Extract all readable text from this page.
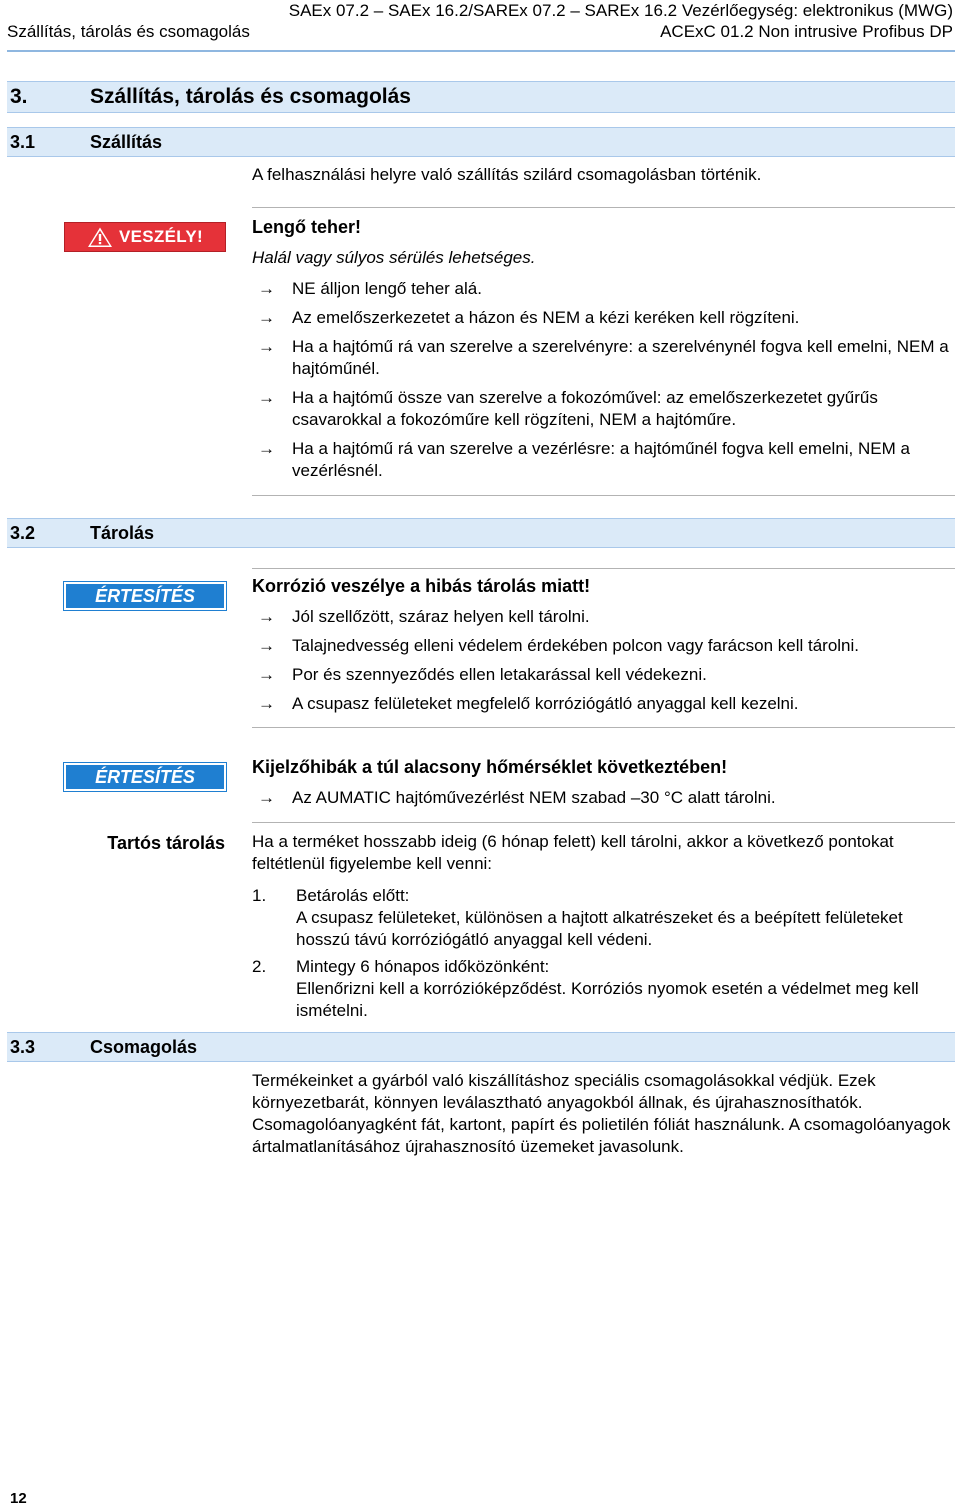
SAEx 07.2 – SAEx 16.2/SAREx 07.2 – SAREx 16.2 Vezérlőegység: elektronikus (MWG)
Szállítás, tárolás és csomagolás	ACExC 01.2 Non intrusive Profibus DP
3.	Szállítás, tárolás és csomagolás
3.1	Szállítás
A felhasználási helyre való szállítás szilárd csomagolásban történik.
VESZÉLY!	Lengő teher!
Halál vagy súlyos sérülés lehetséges.
→ NE álljon lengő teher alá.
→ Az emelőszerkezetet a házon és NEM a kézi keréken kell rögzíteni.
→ Ha a hajtómű rá van szerelve a szerelvényre: a szerelvénynél fogva kell emelni, NEM a hajtóműnél.
→ Ha a hajtómű össze van szerelve a fokozóművel: az emelőszerkezetet gyűrűs csavarokkal a fokozóműre kell rögzíteni, NEM a hajtóműre.
→ Ha a hajtómű rá van szerelve a vezérlésre: a hajtóműnél fogva kell emelni, NEM a vezérlésnél.
3.2	Tárolás
ÉRTESÍTÉS	Korrózió veszélye a hibás tárolás miatt!
→ Jól szellőzött, száraz helyen kell tárolni.
→ Talajnedvesség elleni védelem érdekében polcon vagy farácson kell tárolni.
→ Por és szennyeződés ellen letakarással kell védekezni.
→ A csupasz felületeket megfelelő korróziógátló anyaggal kell kezelni.
ÉRTESÍTÉS	Kijelzőhibák a túl alacsony hőmérséklet következtében!
→ Az AUMATIC hajtóművezérlést NEM szabad –30 °C alatt tárolni.
Tartós tárolás Ha a terméket hosszabb ideig (6 hónap felett) kell tárolni, akkor a következő pontokat feltétlenül figyelembe kell venni:
1. Betárolás előtt:
A csupasz felületeket, különösen a hajtott alkatrészeket és a beépített felületeket hosszú távú korróziógátló anyaggal kell védeni.
2. Mintegy 6 hónapos időközönként:
Ellenőrizni kell a korrózióképződést. Korróziós nyomok esetén a védelmet meg kell ismételni.
3.3	Csomagolás
Termékeinket a gyárból való kiszállításhoz speciális csomagolásokkal védjük. Ezek környezetbarát, könnyen leválasztható anyagokból állnak, és újrahasznosíthatók. Csomagolóanyagként fát, kartont, papírt és polietilén fóliát használunk. A csomagolóanyagok ártalmatlanításához újrahasznosító üzemeket javasolunk.
12
